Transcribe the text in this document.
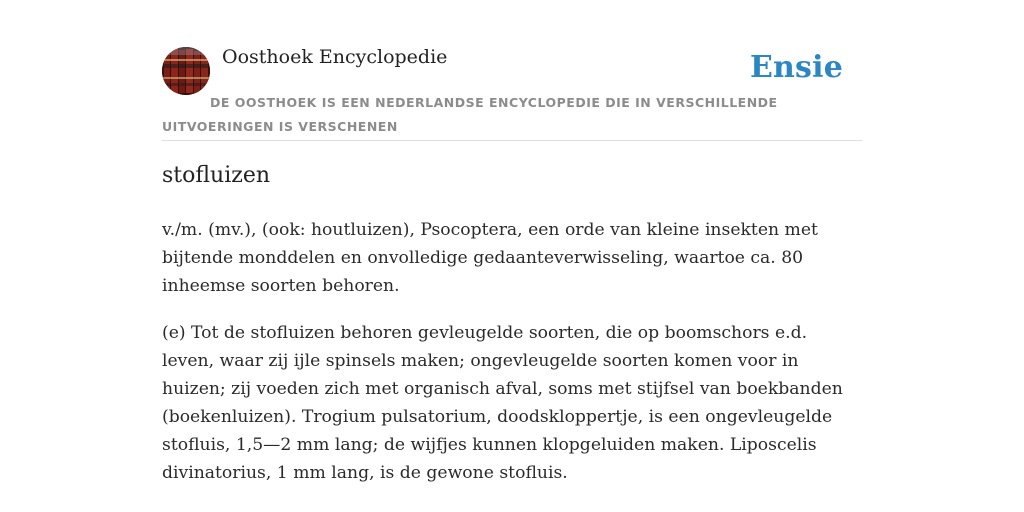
Oosthoek Encyclopedie	Ensie
DE OOSTHOEK IS EEN NEDERLANDSE ENCYCLOPEDIE DIE IN VERSCHILLENDE UITVOERINGEN IS VERSCHENEN
stofluizen

v./m. (mv.), (ook: houtluizen), Psocoptera, een orde van kleine insekten met bijtende monddelen en onvolledige gedaanteverwisseling, waartoe ca. 80 inheemse soorten behoren.

(e) Tot de stofluizen behoren gevleugelde soorten, die op boomschors e.d. leven, waar zij ijle spinsels maken; ongevleugelde soorten komen voor in huizen; zij voeden zich met organisch afval, soms met stijfsel van boekbanden (boekenluizen). Trogium pulsatorium, doodskloppertje, is een ongevleugelde stofluis, 1,5—2 mm lang; de wijfjes kunnen klopgeluiden maken. Liposcelis divinatorius, 1 mm lang, is de gewone stofluis.
